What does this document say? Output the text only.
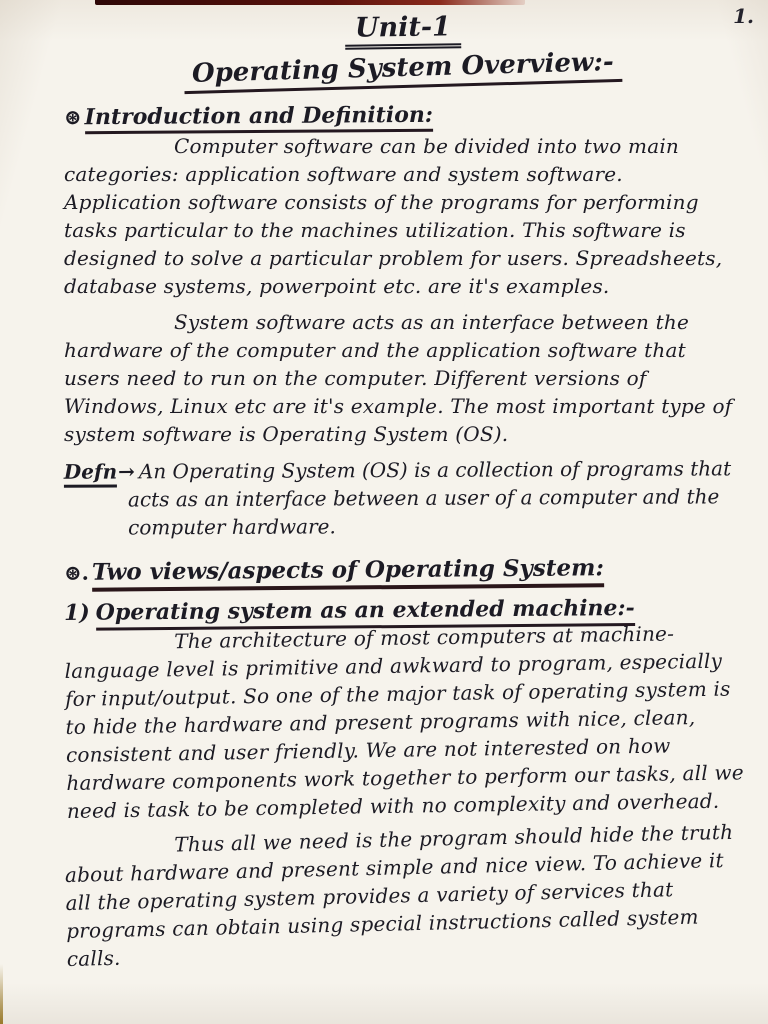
1.
Unit-1
Operating System Overview:-
⊛ Introduction and Definition:

Computer software can be divided into two main categories: application software and system software. Application software consists of the programs for performing tasks particular to the machines utilization. This software is designed to solve a particular problem for users. Spreadsheets, database systems, powerpoint etc. are it's examples.

System software acts as an interface between the hardware of the computer and the application software that users need to run on the computer. Different versions of Windows, Linux etc are it's example. The most important type of system software is Operating System (OS).

Defn→ An Operating System (OS) is a collection of programs that acts as an interface between a user of a computer and the computer hardware.
⊛. Two views/aspects of Operating System:
1) Operating system as an extended machine:-

The architecture of most computers at machine-language level is primitive and awkward to program, especially for input/output. So one of the major task of operating system is to hide the hardware and present programs with nice, clean, consistent and user friendly. We are not interested on how hardware components work together to perform our tasks, all we need is task to be completed with no complexity and overhead.

Thus all we need is the program should hide the truth about hardware and present simple and nice view. To achieve it all the operating system provides a variety of services that programs can obtain using special instructions called system calls.
